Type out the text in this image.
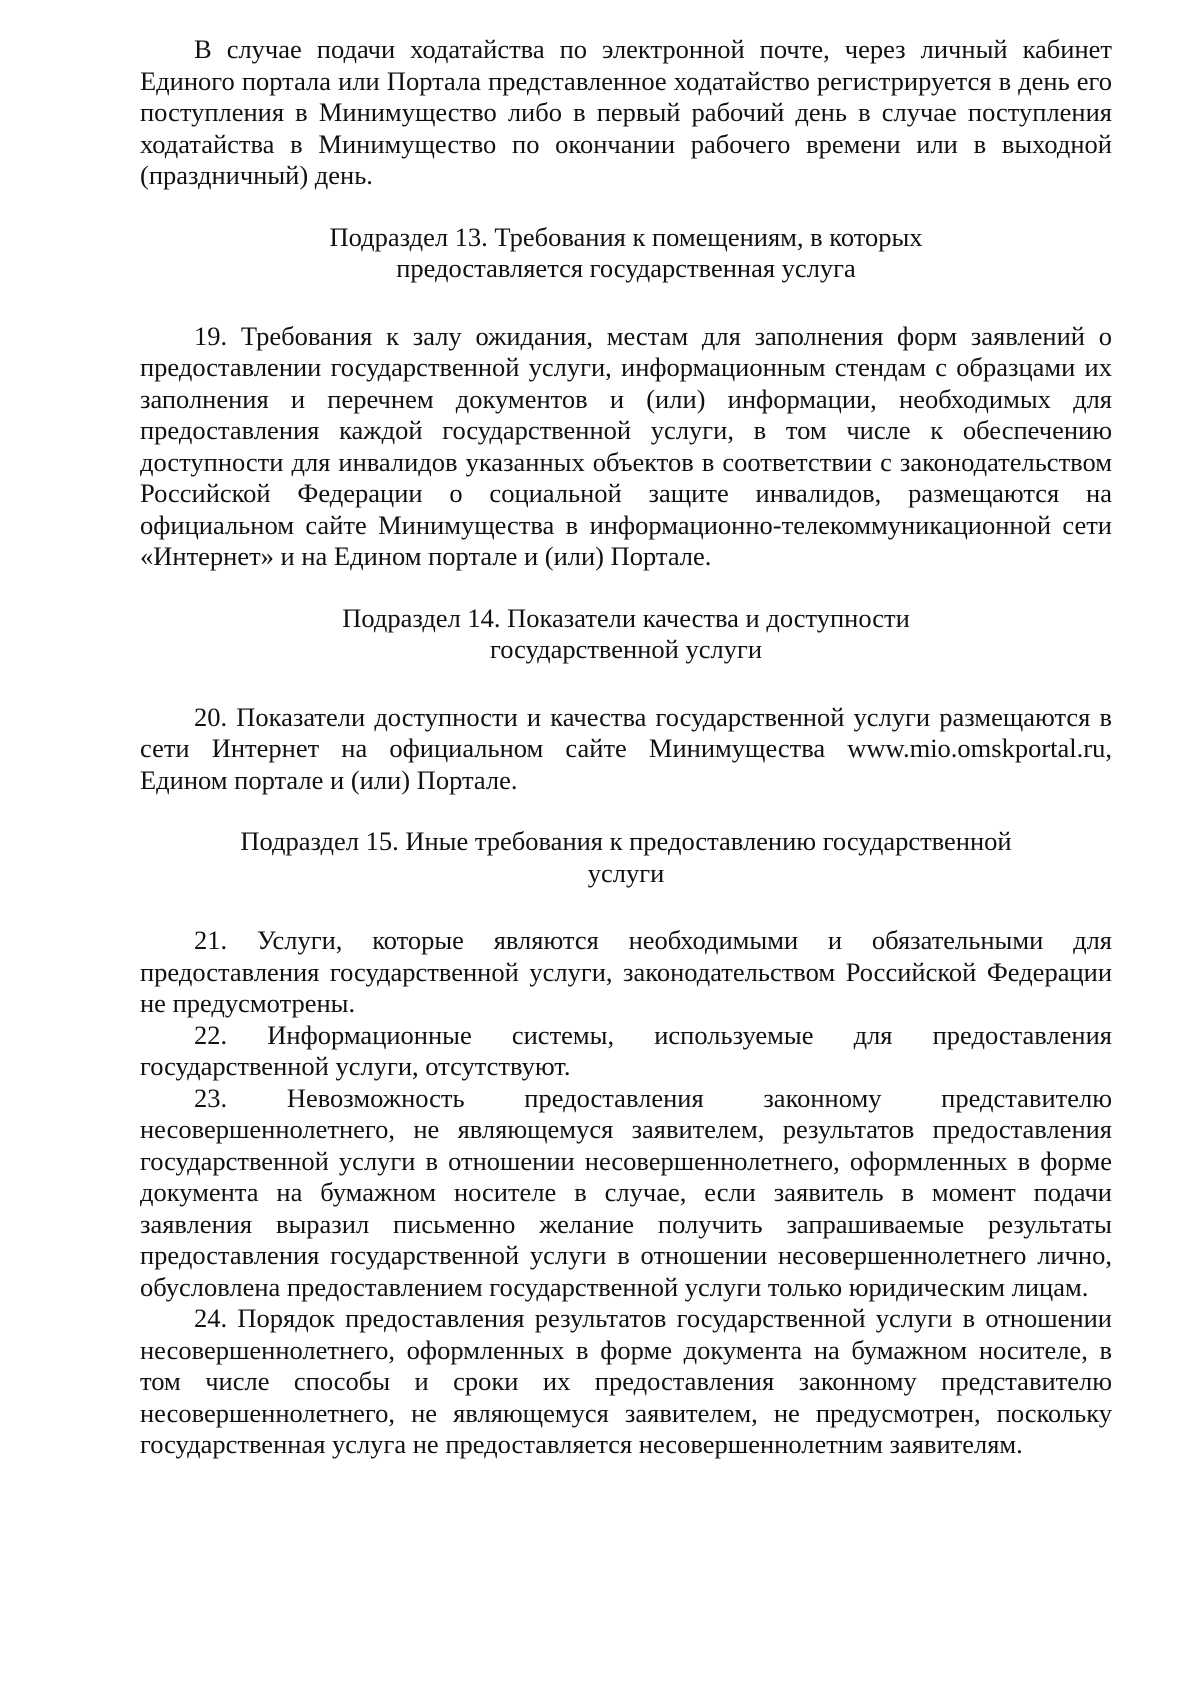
В случае подачи ходатайства по электронной почте, через личный кабинет Единого портала или Портала представленное ходатайство регистрируется в день его поступления в Минимущество либо в первый рабочий день в случае поступления ходатайства в Минимущество по окончании рабочего времени или в выходной (праздничный) день.

Подраздел 13. Требования к помещениям, в которых
предоставляется государственная услуга

19. Требования к залу ожидания, местам для заполнения форм заявлений о предоставлении государственной услуги, информационным стендам с образцами их заполнения и перечнем документов и (или) информации, необходимых для предоставления каждой государственной услуги, в том числе к обеспечению доступности для инвалидов указанных объектов в соответствии с законодательством Российской Федерации о социальной защите инвалидов, размещаются на официальном сайте Минимущества в информационно-телекоммуникационной сети «Интернет» и на Едином портале и (или) Портале.

Подраздел 14. Показатели качества и доступности
государственной услуги

20. Показатели доступности и качества государственной услуги размещаются в сети Интернет на официальном сайте Минимущества www.mio.omskportal.ru, Едином портале и (или) Портале.

Подраздел 15. Иные требования к предоставлению государственной
услуги

21. Услуги, которые являются необходимыми и обязательными для предоставления государственной услуги, законодательством Российской Федерации не предусмотрены.

22. Информационные системы, используемые для предоставления государственной услуги, отсутствуют.

23. Невозможность предоставления законному представителю несовершеннолетнего, не являющемуся заявителем, результатов предоставления государственной услуги в отношении несовершеннолетнего, оформленных в форме документа на бумажном носителе в случае, если заявитель в момент подачи заявления выразил письменно желание получить запрашиваемые результаты предоставления государственной услуги в отношении несовершеннолетнего лично, обусловлена предоставлением государственной услуги только юридическим лицам.

24. Порядок предоставления результатов государственной услуги в отношении несовершеннолетнего, оформленных в форме документа на бумажном носителе, в том числе способы и сроки их предоставления законному представителю несовершеннолетнего, не являющемуся заявителем, не предусмотрен, поскольку государственная услуга не предоставляется несовершеннолетним заявителям.
